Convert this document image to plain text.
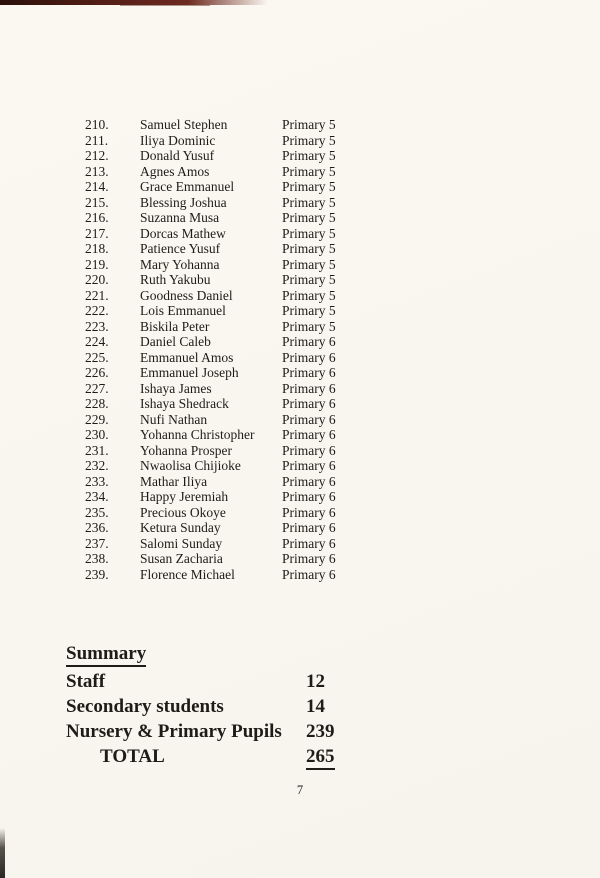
210.	Samuel Stephen	Primary 5
211.	Iliya Dominic	Primary 5
212.	Donald Yusuf	Primary 5
213.	Agnes Amos	Primary 5
214.	Grace Emmanuel	Primary 5
215.	Blessing Joshua	Primary 5
216.	Suzanna Musa	Primary 5
217.	Dorcas Mathew	Primary 5
218.	Patience Yusuf	Primary 5
219.	Mary Yohanna	Primary 5
220.	Ruth Yakubu	Primary 5
221.	Goodness Daniel	Primary 5
222.	Lois Emmanuel	Primary 5
223.	Biskila Peter	Primary 5
224.	Daniel Caleb	Primary 6
225.	Emmanuel Amos	Primary 6
226.	Emmanuel Joseph	Primary 6
227.	Ishaya James	Primary 6
228.	Ishaya Shedrack	Primary 6
229.	Nufi Nathan	Primary 6
230.	Yohanna Christopher	Primary 6
231.	Yohanna Prosper	Primary 6
232.	Nwaolisa Chijioke	Primary 6
233.	Mathar Iliya	Primary 6
234.	Happy Jeremiah	Primary 6
235.	Precious Okoye	Primary 6
236.	Ketura Sunday	Primary 6
237.	Salomi Sunday	Primary 6
238.	Susan Zacharia	Primary 6
239.	Florence Michael	Primary 6
Summary
Staff	12
Secondary students	14
Nursery & Primary Pupils	239
TOTAL	265
7
